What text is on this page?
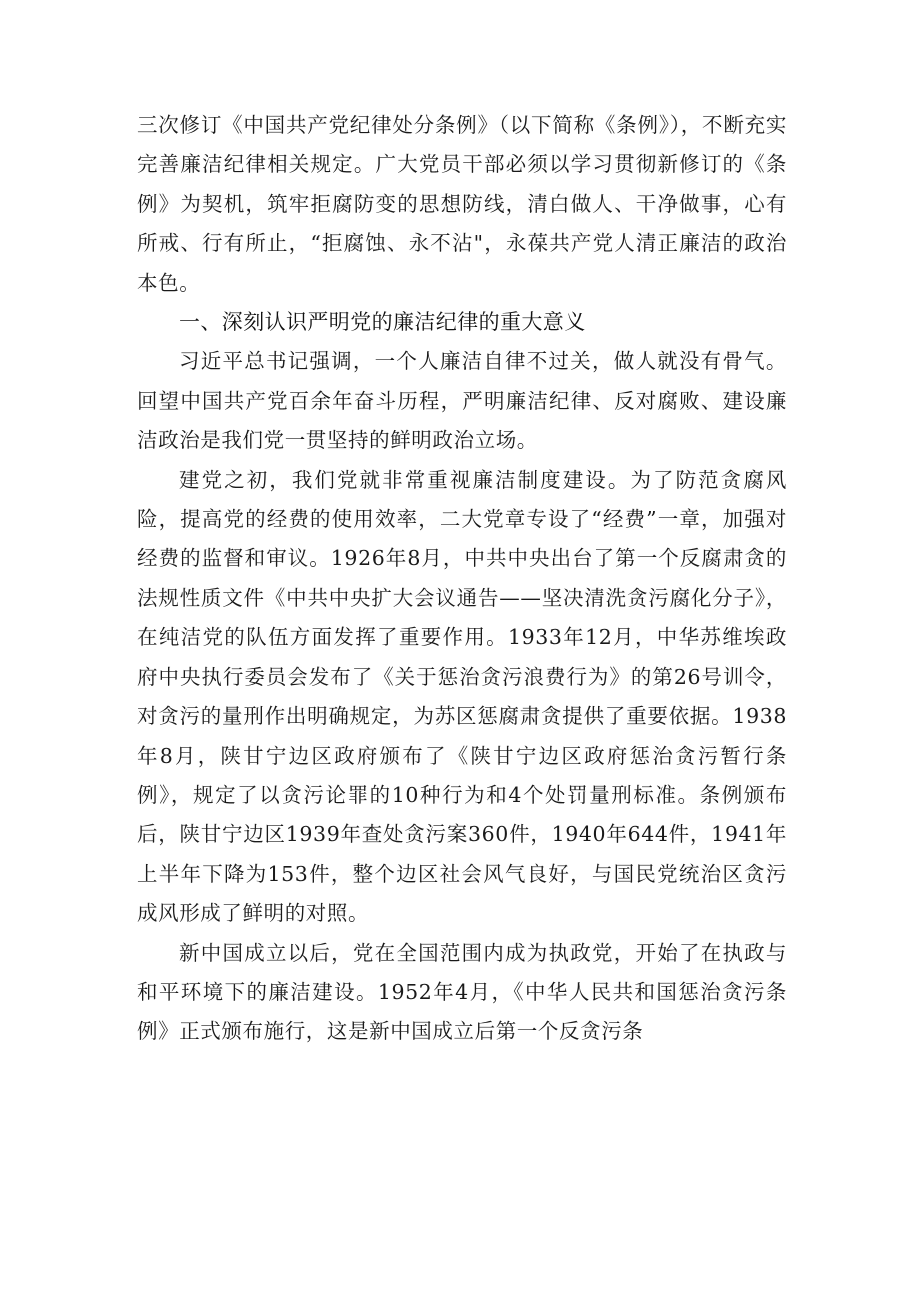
三次修订《中国共产党纪律处分条例》（以下简称《条例》），不断充实完善廉洁纪律相关规定。广大党员干部必须以学习贯彻新修订的《条例》为契机，筑牢拒腐防变的思想防线，清白做人、干净做事，心有所戒、行有所止，“拒腐蚀、永不沾"，永葆共产党人清正廉洁的政治本色。

一、深刻认识严明党的廉洁纪律的重大意义

习近平总书记强调，一个人廉洁自律不过关，做人就没有骨气。回望中国共产党百余年奋斗历程，严明廉洁纪律、反对腐败、建设廉洁政治是我们党一贯坚持的鲜明政治立场。

建党之初，我们党就非常重视廉洁制度建设。为了防范贪腐风险，提高党的经费的使用效率，二大党章专设了“经费”一章，加强对经费的监督和审议。1926年8月，中共中央出台了第一个反腐肃贪的法规性质文件《中共中央扩大会议通告——坚决清洗贪污腐化分子》，在纯洁党的队伍方面发挥了重要作用。1933年12月，中华苏维埃政府中央执行委员会发布了《关于惩治贪污浪费行为》的第26号训令，对贪污的量刑作出明确规定，为苏区惩腐肃贪提供了重要依据。1938年8月，陕甘宁边区政府颁布了《陕甘宁边区政府惩治贪污暂行条例》，规定了以贪污论罪的10种行为和4个处罚量刑标准。条例颁布后，陕甘宁边区1939年查处贪污案360件，1940年644件，1941年上半年下降为153件，整个边区社会风气良好，与国民党统治区贪污成风形成了鲜明的对照。

新中国成立以后，党在全国范围内成为执政党，开始了在执政与和平环境下的廉洁建设。1952年4月，《中华人民共和国惩治贪污条例》正式颁布施行，这是新中国成立后第一个反贪污条
